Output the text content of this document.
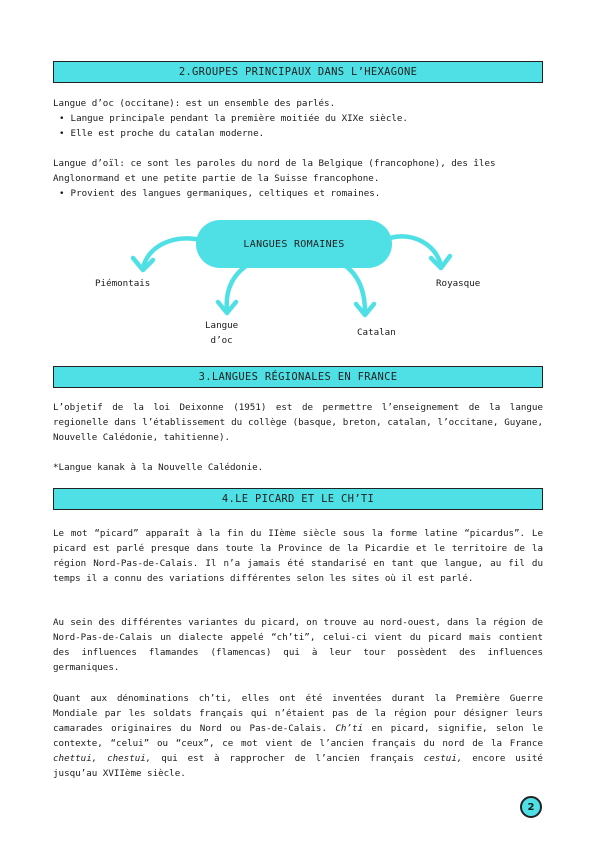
2.GROUPES PRINCIPAUX DANS L’HEXAGONE

Langue d’oc (occitane): est un ensemble des parlés.

• Langue principale pendant la première moitiée du XIXe siècle.
• Elle est proche du catalan moderne.

Langue d’oïl: ce sont les paroles du nord de la Belgique (francophone), des îles Anglonormand et une petite partie de la Suisse francophone.

• Provient des langues germaniques, celtiques et romaines.
LANGUES ROMAINES
Piémontais	Royasque
Langue
d’oc
Catalan
3.LANGUES RÉGIONALES EN FRANCE

L’objetif de la loi Deixonne (1951) est de permettre l’enseignement de la langue regionelle dans l’établissement du collège (basque, breton, catalan, l’occitane, Guyane, Nouvelle Calédonie, tahitienne).

*Langue kanak à la Nouvelle Calédonie.

4.LE PICARD ET LE CH’TI

Le mot “picard” apparaît à la fin du IIème siècle sous la forme latine “picardus”. Le picard est parlé presque dans toute la Province de la Picardie et le territoire de la région Nord-Pas-de-Calais. Il n’a jamais été standarisé en tant que langue, au fil du temps il a connu des variations différentes selon les sites où il est parlé.

Au sein des différentes variantes du picard, on trouve au nord-ouest, dans la région de Nord-Pas-de-Calais un dialecte appelé “ch’ti”, celui-ci vient du picard mais contient des influences flamandes (flamencas) qui à leur tour possèdent des influences germaniques.

Quant aux dénominations ch’ti, elles ont été inventées durant la Première Guerre Mondiale par les soldats français qui n’étaient pas de la région pour désigner leurs camarades originaires du Nord ou Pas-de-Calais. Ch’ti en picard, signifie, selon le contexte, “celui” ou “ceux”, ce mot vient de l’ancien français du nord de la France chettui, chestui, qui est à rapprocher de l’ancien français cestui, encore usité jusqu’au XVIIème siècle.

2
